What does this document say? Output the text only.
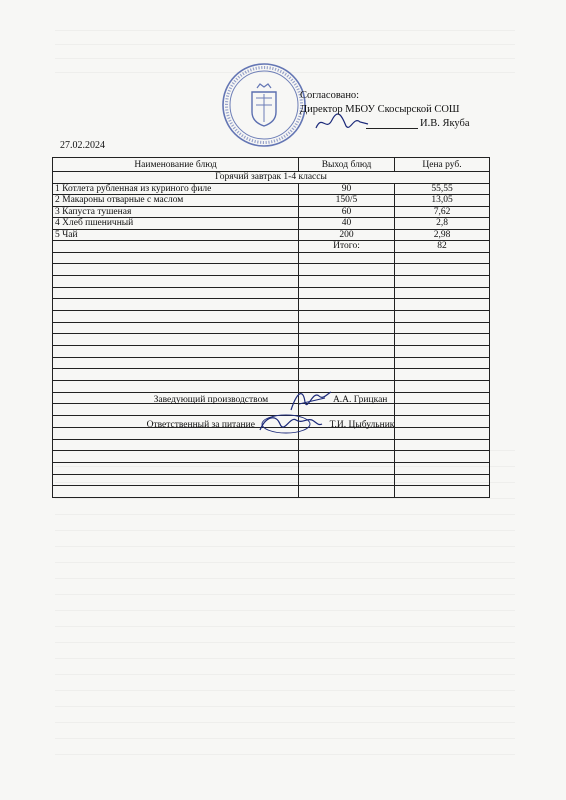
Согласовано:
Директор МБОУ Скосырской СОШ
И.В. Якуба
27.02.2024
Наименование блюд	Выход блюд	Цена руб.
Горячий завтрак 1-4 классы		
1 Котлета рубленная из куриного филе	90	55,55
2 Макароны отварные с маслом	150/5	13,05
3 Капуста тушеная	60	7,62
4 Хлеб пшеничный	40	2,8
5 Чай	200	2,98
	Итого:	82

Заведующий производством	А.А. Грицкан
Ответственный за питание	Т.И. Цыбульник
